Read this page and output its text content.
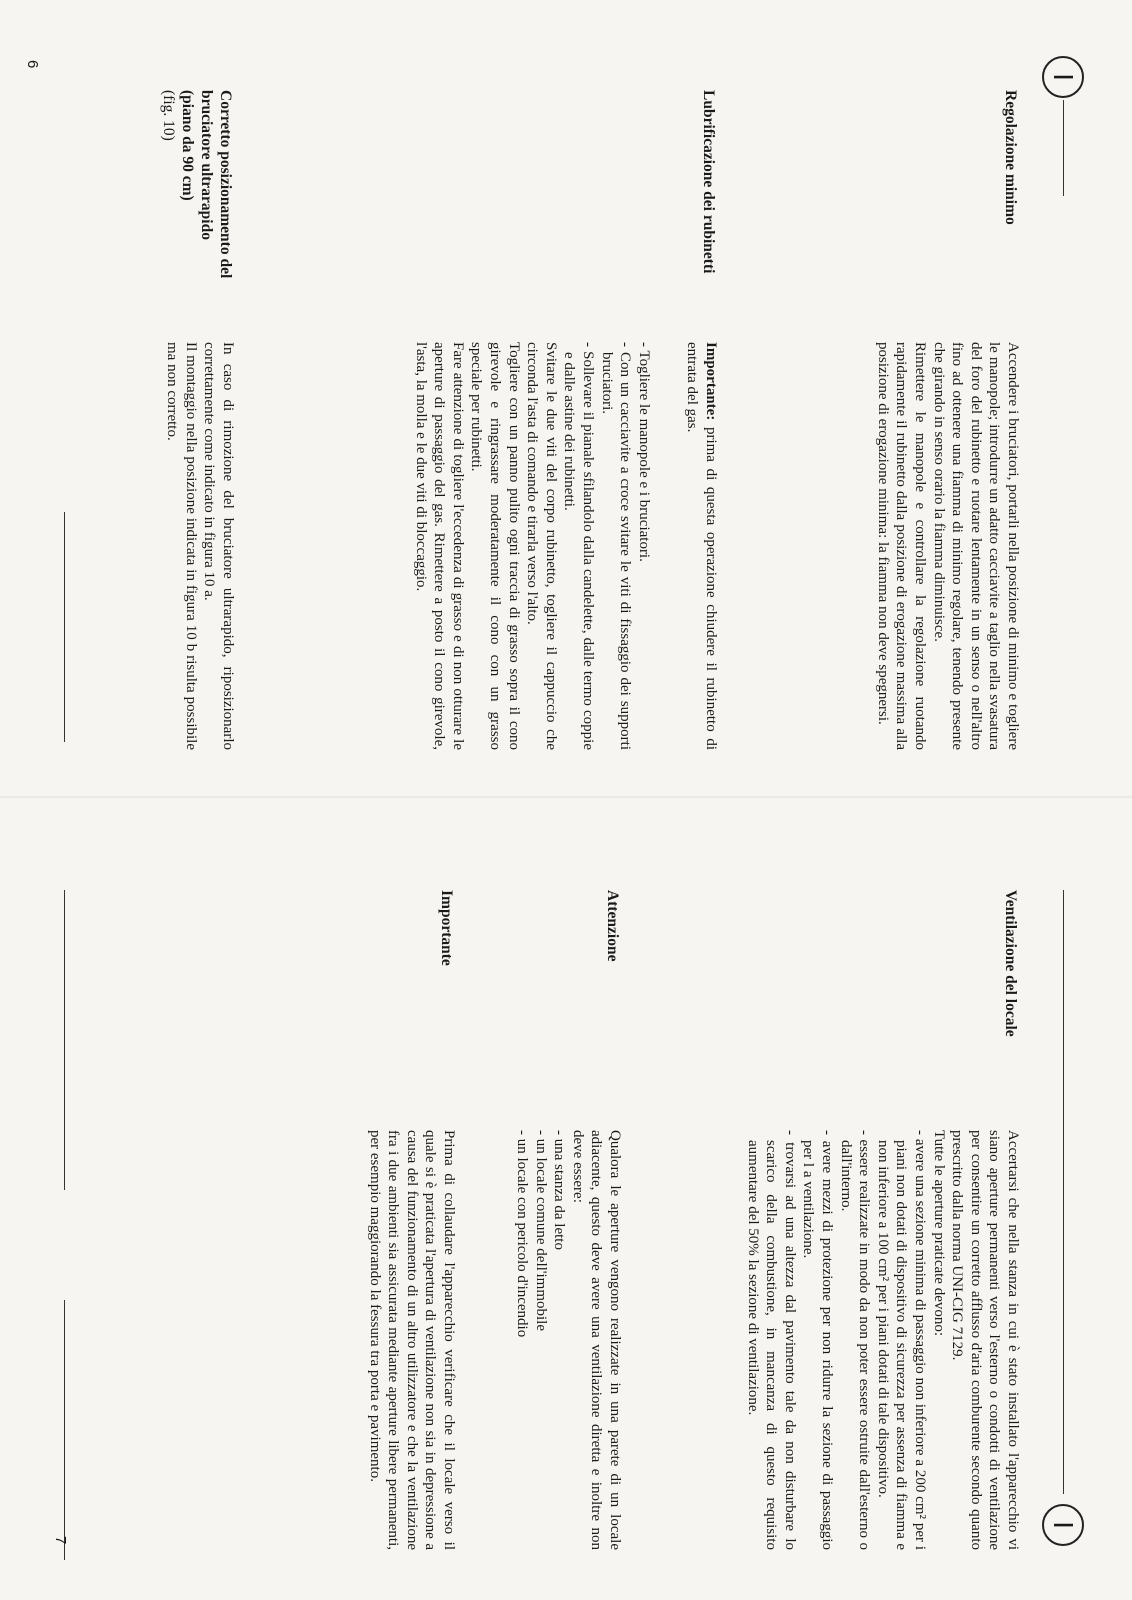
I
Regolazione minimo

Accendere i bruciatori, portarli nella posizione di minimo e togliere le manopole; introdurre un adatto cacciavite a taglio nella svasatura del foro del rubinetto e ruotare lentamente in un senso o nell'altro fino ad ottenere una fiamma di minimo regolare, tenendo presente che girando in senso orario la fiamma diminuisce.

Rimettere le manopole e controllare la regolazione ruotando rapidamente il rubinetto dalla posizione di erogazione massima alla posizione di erogazione minima: la fiamma non deve spegnersi.

Lubrificazione dei rubinetti

Importante: prima di questa operazione chiudere il rubinetto di entrata del gas.

- Togliere le manopole e i bruciatori.
- Con un cacciavite a croce svitare le viti di fissaggio dei supporti bruciatori.
- Sollevare il pianale sfilandolo dalla candelette, dalle termo coppie e dalle astine dei rubinetti.

Svitare le due viti del corpo rubinetto, togliere il cappuccio che circonda l'asta di comando e tirarla verso l'alto.

Togliere con un panno pulito ogni traccia di grasso sopra il cono girevole e ringrassare moderatamente il cono con un grasso speciale per rubinetti.

Fare attenzione di togliere l'eccedenza di grasso e di non otturare le aperture di passaggio del gas. Rimettere a posto il cono girevole, l'asta, la molla e le due viti di bloccaggio.

Corretto posizionamento del bruciatore ultrarapido
(piano da 90 cm)
(fig. 10)

In caso di rimozione del bruciatore ultrarapido, riposizionarlo correttamente come indicato in figura 10 a.

Il montaggio nella posizione indicata in figura 10 b risulta possibile ma non corretto.

6
I
Ventilazione del locale

Accertarsi che nella stanza in cui è stato installato l'apparecchio vi siano aperture permanenti verso l'esterno o condotti di ventilazione per consentire un corretto afflusso d'aria comburente secondo quanto prescritto dalla norma UNI-CIG 7129.

Tutte le aperture praticate devono:

- avere una sezione minima di passaggio non inferiore a 200 cm² per i piani non dotati di dispositivo di sicurezza per assenza di fiamma e non inferiore a 100 cm² per i piani dotati di tale dispositivo.
- essere realizzate in modo da non poter essere ostruite dall'esterno o dall'interno.
- avere mezzi di protezione per non ridurre la sezione di passaggio per l a ventilazione.
- trovarsi ad una altezza dal pavimento tale da non disturbare lo scarico della combustione, in mancanza di questo requisito aumentare del 50% la sezione di ventilazione.
Attenzione

Qualora le aperture vengono realizzate in una parete di un locale adiacente, questo deve avere una ventilazione diretta e inoltre non deve essere:

- una stanza da letto
- un locale comune dell'immobile
- un locale con pericolo d'incendio
Importante

Prima di collaudare l'apparecchio verificare che il locale verso il quale si è praticata l'apertura di ventilazione non sia in depressione a causa del funzionamento di un altro utilizzatore e che la ventilazione fra i due ambienti sia assicurata mediante aperture libere permanenti, per esempio maggiorando la fessura tra porta e pavimento.

7
